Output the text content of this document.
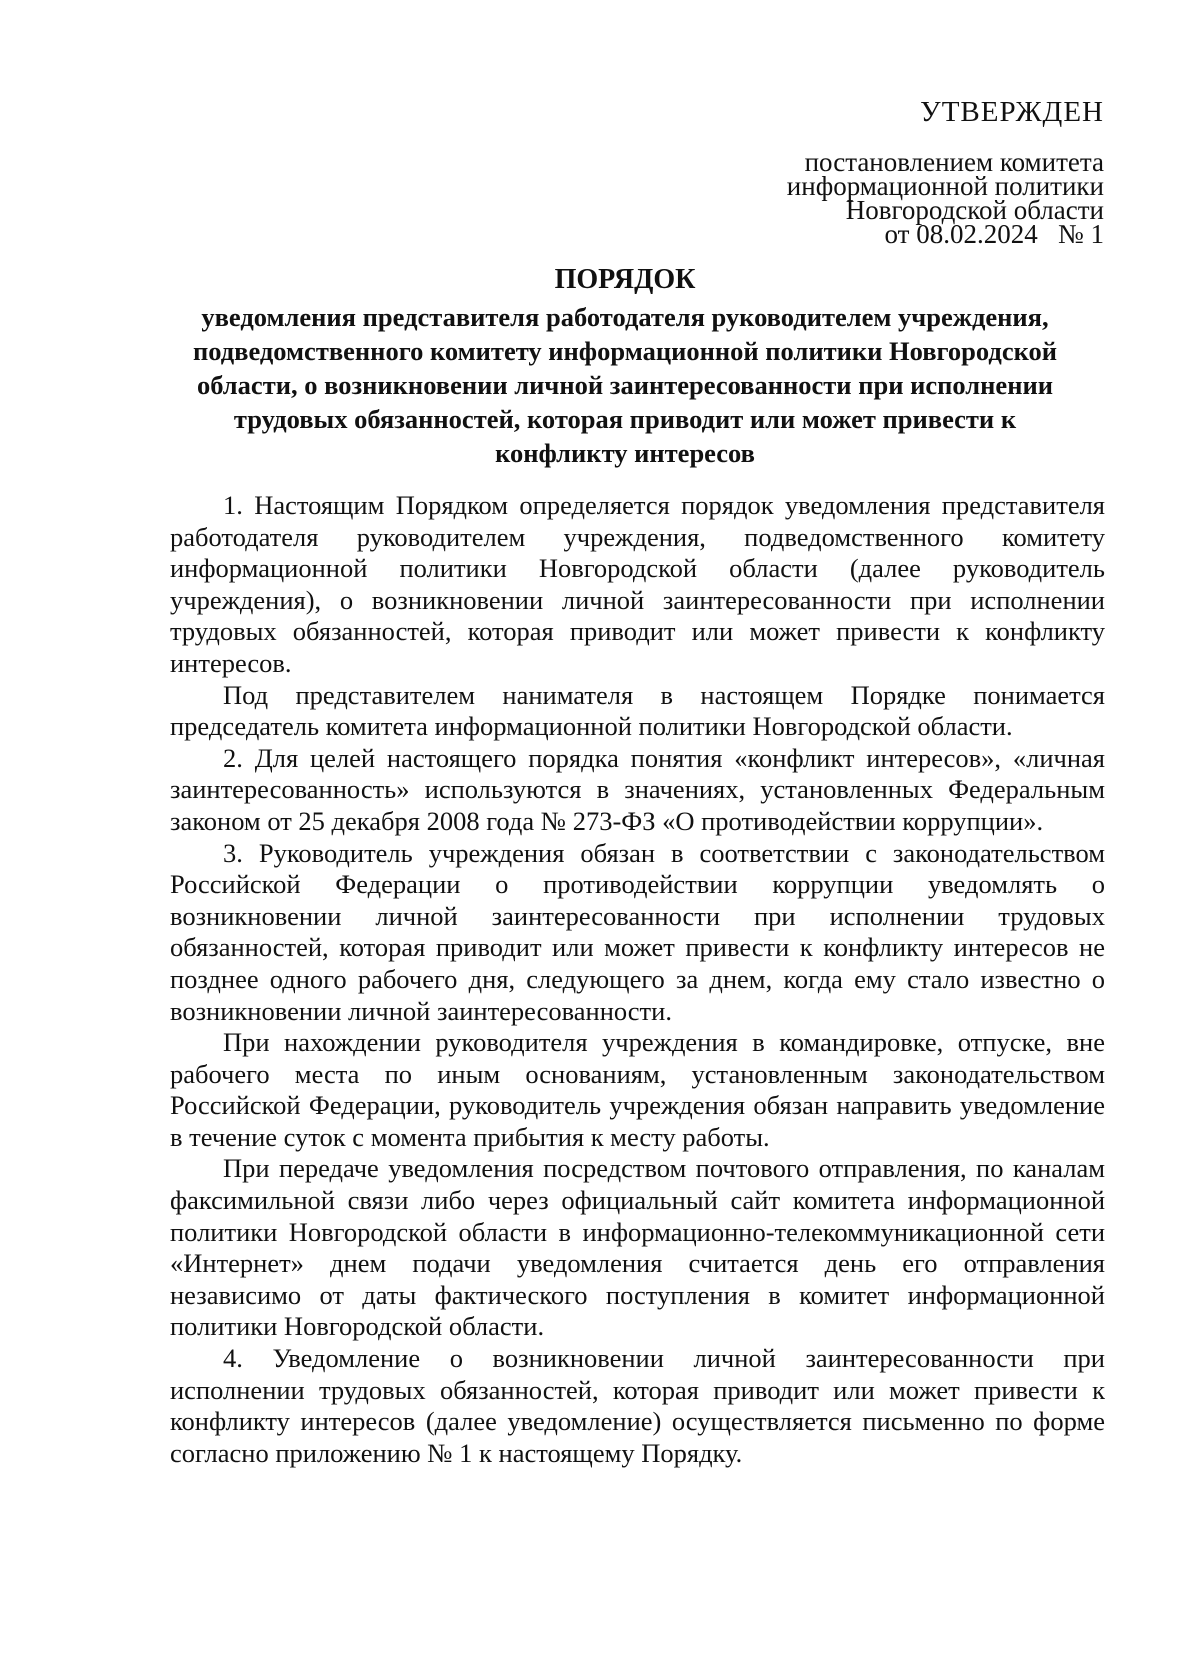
УТВЕРЖДЕН
постановлением комитета
информационной политики
Новгородской области
от 08.02.2024   № 1
ПОРЯДОК
уведомления представителя работодателя руководителем учреждения,
подведомственного комитету информационной политики Новгородской
области, о возникновении личной заинтересованности при исполнении
трудовых обязанностей, которая приводит или может привести к
конфликту интересов

1. Настоящим Порядком определяется порядок уведомления представителя работодателя руководителем учреждения, подведомственного комитету информационной политики Новгородской области (далее руководитель учреждения), о возникновении личной заинтересованности при исполнении трудовых обязанностей, которая приводит или может привести к конфликту интересов.

Под представителем нанимателя в настоящем Порядке понимается председатель комитета информационной политики Новгородской области.

2. Для целей настоящего порядка понятия «конфликт интересов», «личная заинтересованность» используются в значениях, установленных Федеральным законом от 25 декабря 2008 года № 273-ФЗ «О противодействии коррупции».

3. Руководитель учреждения обязан в соответствии с законодательством Российской Федерации о противодействии коррупции уведомлять о возникновении личной заинтересованности при исполнении трудовых обязанностей, которая приводит или может привести к конфликту интересов не позднее одного рабочего дня, следующего за днем, когда ему стало известно о возникновении личной заинтересованности.

При нахождении руководителя учреждения в командировке, отпуске, вне рабочего места по иным основаниям, установленным законодательством Российской Федерации, руководитель учреждения обязан направить уведомление в течение суток с момента прибытия к месту работы.

При передаче уведомления посредством почтового отправления, по каналам факсимильной связи либо через официальный сайт комитета информационной политики Новгородской области в информационно-телекоммуникационной сети «Интернет» днем подачи уведомления считается день его отправления независимо от даты фактического поступления в комитет информационной политики Новгородской области.

4. Уведомление о возникновении личной заинтересованности при исполнении трудовых обязанностей, которая приводит или может привести к конфликту интересов (далее уведомление) осуществляется письменно по форме согласно приложению № 1 к настоящему Порядку.
